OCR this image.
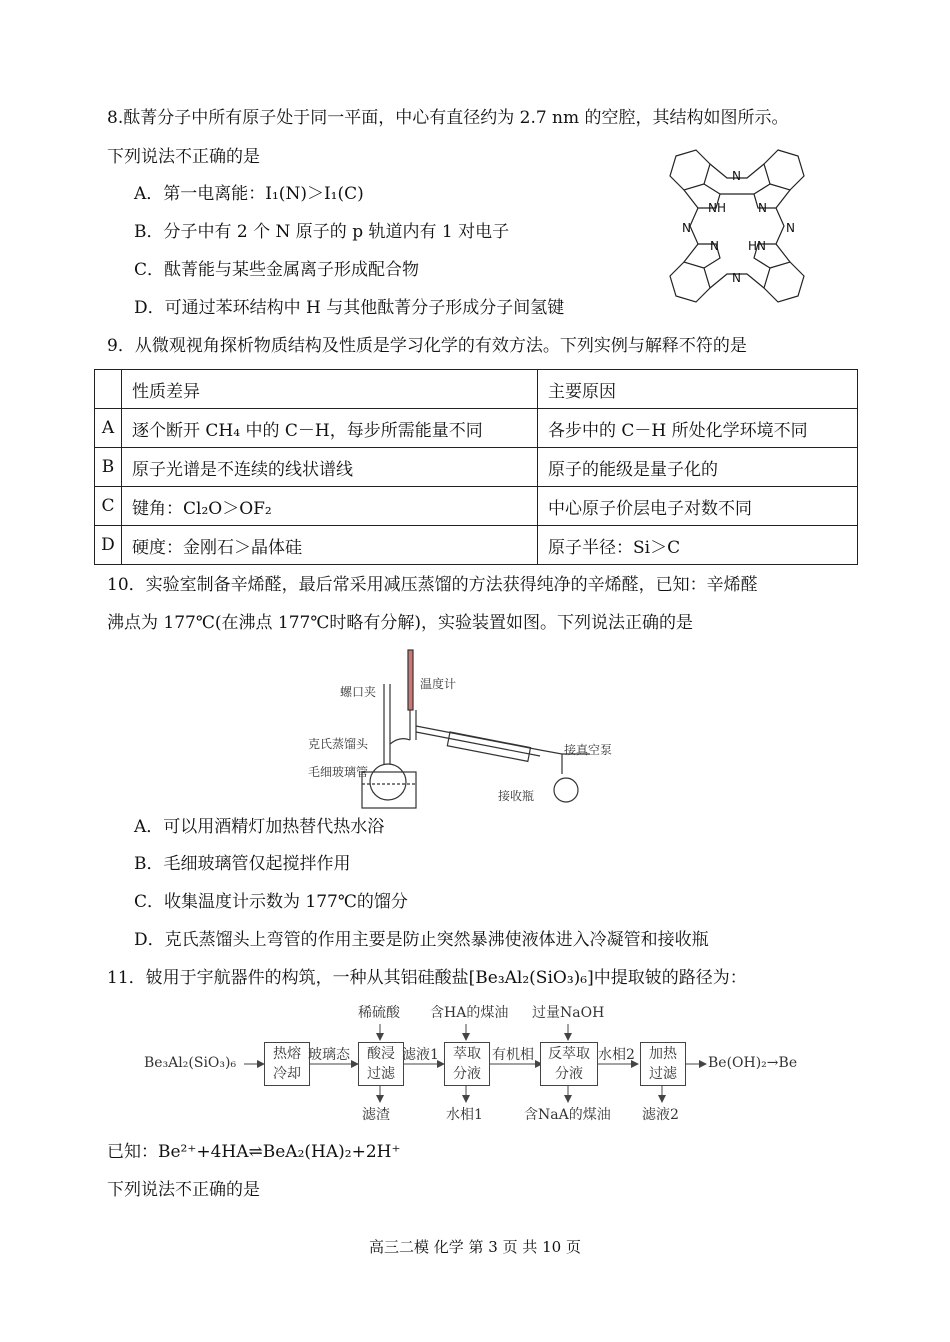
8.酞菁分子中所有原子处于同一平面，中心有直径约为 2.7 nm 的空腔，其结构如图所示。
下列说法不正确的是
A．第一电离能：I₁(N)＞I₁(C)
B．分子中有 2 个 N 原子的 p 轨道内有 1 对电子
C．酞菁能与某些金属离子形成配合物
D．可通过苯环结构中 H 与其他酞菁分子形成分子间氢键
N
NH	N
N	N
N HN
N
9．从微观视角探析物质结构及性质是学习化学的有效方法。下列实例与解释不符的是
	性质差异	主要原因
A	逐个断开 CH₄ 中的 C－H，每步所需能量不同	各步中的 C－H 所处化学环境不同
B	原子光谱是不连续的线状谱线	原子的能级是量子化的
C	键角：Cl₂O＞OF₂	中心原子价层电子对数不同
D	硬度：金刚石＞晶体硅	原子半径：Si＞C
10．实验室制备辛烯醛，最后常采用减压蒸馏的方法获得纯净的辛烯醛，已知：辛烯醛
沸点为 177℃(在沸点 177℃时略有分解)，实验装置如图。下列说法正确的是
温度计
螺口夹
克氏蒸馏头	接真空泵
毛细玻璃管
接收瓶
A．可以用酒精灯加热替代热水浴
B．毛细玻璃管仅起搅拌作用
C．收集温度计示数为 177℃的馏分
D．克氏蒸馏头上弯管的作用主要是防止突然暴沸使液体进入冷凝管和接收瓶
11．铍用于宇航器件的构筑，一种从其铝硅酸盐[Be₃Al₂(SiO₃)₆]中提取铍的路径为：
Be₃Al₂(SiO₃)₆
热熔冷却
玻璃态	酸浸过滤
稀硫酸
滤渣
滤液1	萃取分液
含HA的煤油
水相1
有机相	反萃取分液
过量NaOH
含NaA的煤油
水相2	加热过滤
滤液2
Be(OH)₂→Be
已知：Be²⁺+4HA⇌BeA₂(HA)₂+2H⁺
下列说法不正确的是
高三二模 化学 第 3 页 共 10 页
